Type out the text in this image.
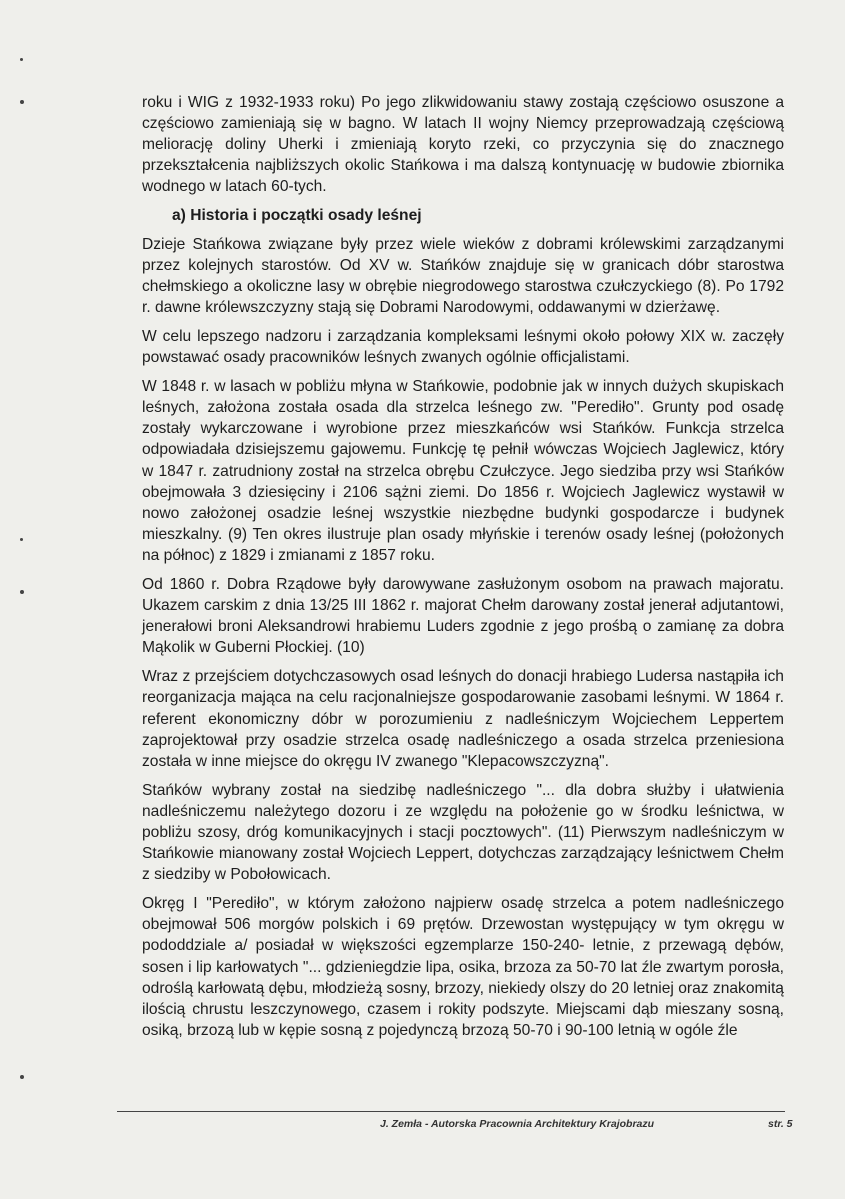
roku i WIG z 1932-1933 roku) Po jego zlikwidowaniu stawy zostają częściowo osuszone a częściowo zamieniają się w bagno. W latach II wojny Niemcy przeprowadzają częściową meliorację doliny Uherki i zmieniają koryto rzeki, co przyczynia się do znacznego przekształcenia najbliższych okolic Stańkowa i ma dalszą kontynuację w budowie zbiornika wodnego w latach 60-tych.

a) Historia i początki osady leśnej

Dzieje Stańkowa związane były przez wiele wieków z dobrami królewskimi zarządzanymi przez kolejnych starostów. Od XV w. Stańków znajduje się w granicach dóbr starostwa chełmskiego a okoliczne lasy w obrębie niegrodowego starostwa czułczyckiego (8). Po 1792 r. dawne królewszczyzny stają się Dobrami Narodowymi, oddawanymi w dzierżawę.

W celu lepszego nadzoru i zarządzania kompleksami leśnymi około połowy XIX w. zaczęły powstawać osady pracowników leśnych zwanych ogólnie officjalistami.

W 1848 r. w lasach w pobliżu młyna w Stańkowie, podobnie jak w innych dużych skupiskach leśnych, założona została osada dla strzelca leśnego zw. "Perediło". Grunty pod osadę zostały wykarczowane i wyrobione przez mieszkańców wsi Stańków. Funkcja strzelca odpowiadała dzisiejszemu gajowemu. Funkcję tę pełnił wówczas Wojciech Jaglewicz, który w 1847 r. zatrudniony został na strzelca obrębu Czułczyce. Jego siedziba przy wsi Stańków obejmowała 3 dziesięciny i 2106 sążni ziemi. Do 1856 r. Wojciech Jaglewicz wystawił w nowo założonej osadzie leśnej wszystkie niezbędne budynki gospodarcze i budynek mieszkalny. (9) Ten okres ilustruje plan osady młyńskie i terenów osady leśnej (położonych na północ) z 1829 i zmianami z 1857 roku.

Od 1860 r. Dobra Rządowe były darowywane zasłużonym osobom na prawach majoratu. Ukazem carskim z dnia 13/25 III 1862 r. majorat Chełm darowany został jenerał adjutantowi, jenerałowi broni Aleksandrowi hrabiemu Luders zgodnie z jego prośbą o zamianę za dobra Mąkolik w Guberni Płockiej. (10)

Wraz z przejściem dotychczasowych osad leśnych do donacji hrabiego Ludersa nastąpiła ich reorganizacja mająca na celu racjonalniejsze gospodarowanie zasobami leśnymi. W 1864 r. referent ekonomiczny dóbr w porozumieniu z nadleśniczym Wojciechem Leppertem zaprojektował przy osadzie strzelca osadę nadleśniczego a osada strzelca przeniesiona została w inne miejsce do okręgu IV zwanego "Klepacowszczyzną".

Stańków wybrany został na siedzibę nadleśniczego "... dla dobra służby i ułatwienia nadleśniczemu należytego dozoru i ze względu na położenie go w środku leśnictwa, w pobliżu szosy, dróg komunikacyjnych i stacji pocztowych". (11) Pierwszym nadleśniczym w Stańkowie mianowany został Wojciech Leppert, dotychczas zarządzający leśnictwem Chełm z siedziby w Pobołowicach.

Okręg I "Perediło", w którym założono najpierw osadę strzelca a potem nadleśniczego obejmował 506 morgów polskich i 69 prętów. Drzewostan występujący w tym okręgu w pododdziale a/ posiadał w większości egzemplarze 150-240- letnie, z przewagą dębów, sosen i lip karłowatych "... gdzieniegdzie lipa, osika, brzoza za 50-70 lat źle zwartym porosła, odroślą karłowatą dębu, młodzieżą sosny, brzozy, niekiedy olszy do 20 letniej oraz znakomitą ilością chrustu leszczynowego, czasem i rokity podszyte. Miejscami dąb mieszany sosną, osiką, brzozą lub w kępie sosną z pojedynczą brzozą 50-70 i 90-100 letnią w ogóle źle

J. Zemła - Autorska Pracownia Architektury Krajobrazu	str. 5
